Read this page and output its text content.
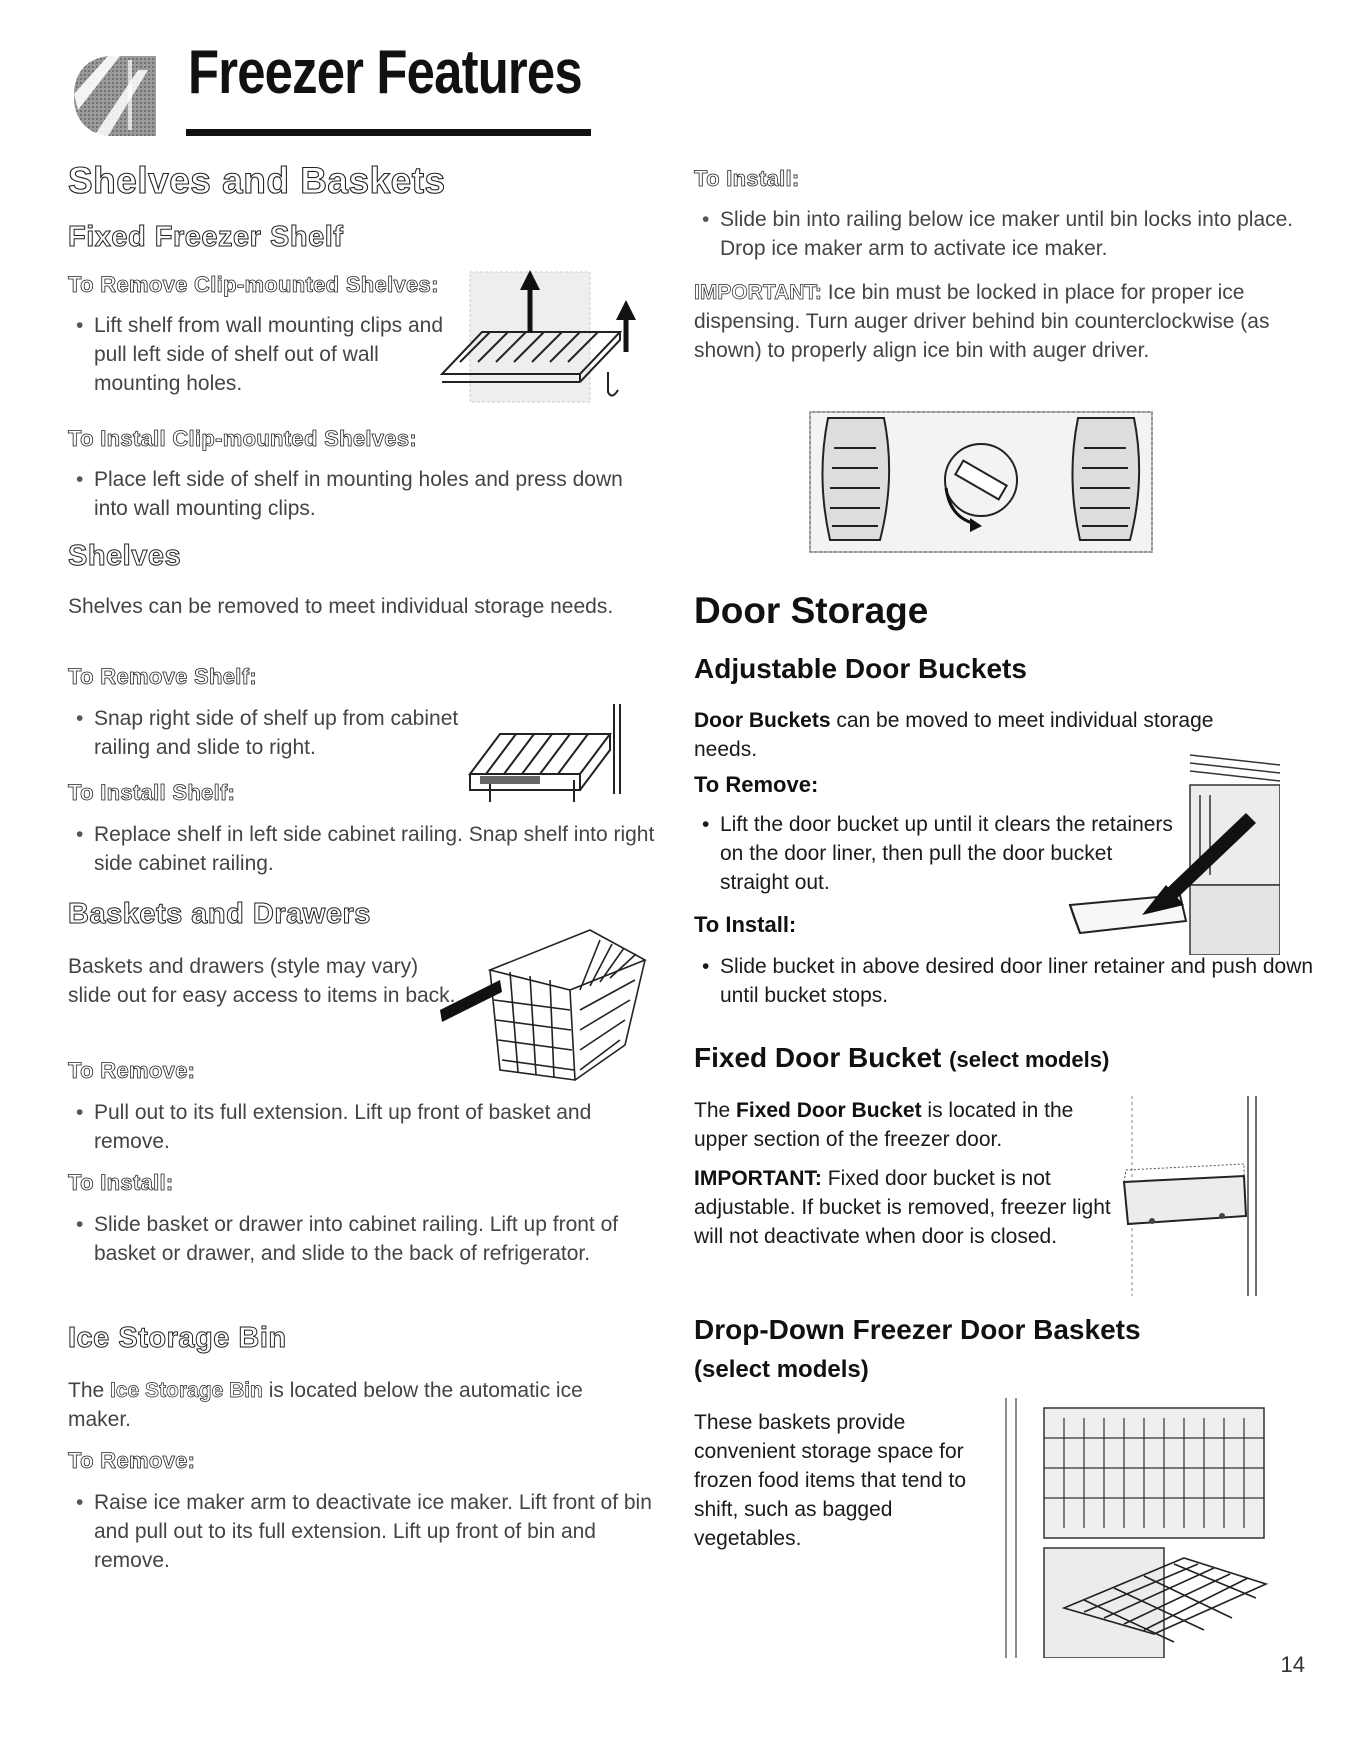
Freezer Features
Shelves and Baskets
Fixed Freezer Shelf
To Remove Clip-mounted Shelves:
• Lift shelf from wall mounting clips and pull left side of shelf out of wall mounting holes.
To Install Clip-mounted Shelves:
• Place left side of shelf in mounting holes and press down into wall mounting clips.
Shelves
Shelves can be removed to meet individual storage needs.
To Remove Shelf:
• Snap right side of shelf up from cabinet railing and slide to right.
To Install Shelf:
• Replace shelf in left side cabinet railing. Snap shelf into right side cabinet railing.
Baskets and Drawers
Baskets and drawers (style may vary) slide out for easy access to items in back.
To Remove:
• Pull out to its full extension. Lift up front of basket and remove.
To Install:
• Slide basket or drawer into cabinet railing. Lift up front of basket or drawer, and slide to the back of refrigerator.
Ice Storage Bin
The Ice Storage Bin is located below the automatic ice maker.
To Remove:
• Raise ice maker arm to deactivate ice maker. Lift front of bin and pull out to its full extension. Lift up front of bin and remove.
To Install:
• Slide bin into railing below ice maker until bin locks into place. Drop ice maker arm to activate ice maker.
IMPORTANT: Ice bin must be locked in place for proper ice dispensing. Turn auger driver behind bin counterclockwise (as shown) to properly align ice bin with auger driver.
Door Storage
Adjustable Door Buckets
Door Buckets can be moved to meet individual storage needs.
To Remove:
• Lift the door bucket up until it clears the retainers on the door liner, then pull the door bucket straight out.
To Install:
• Slide bucket in above desired door liner retainer and push down until bucket stops.
Fixed Door Bucket (select models)
The Fixed Door Bucket is located in the upper section of the freezer door.
IMPORTANT: Fixed door bucket is not adjustable. If bucket is removed, freezer light will not deactivate when door is closed.
Drop-Down Freezer Door Baskets
(select models)
These baskets provide convenient storage space for frozen food items that tend to shift, such as bagged vegetables.
14
